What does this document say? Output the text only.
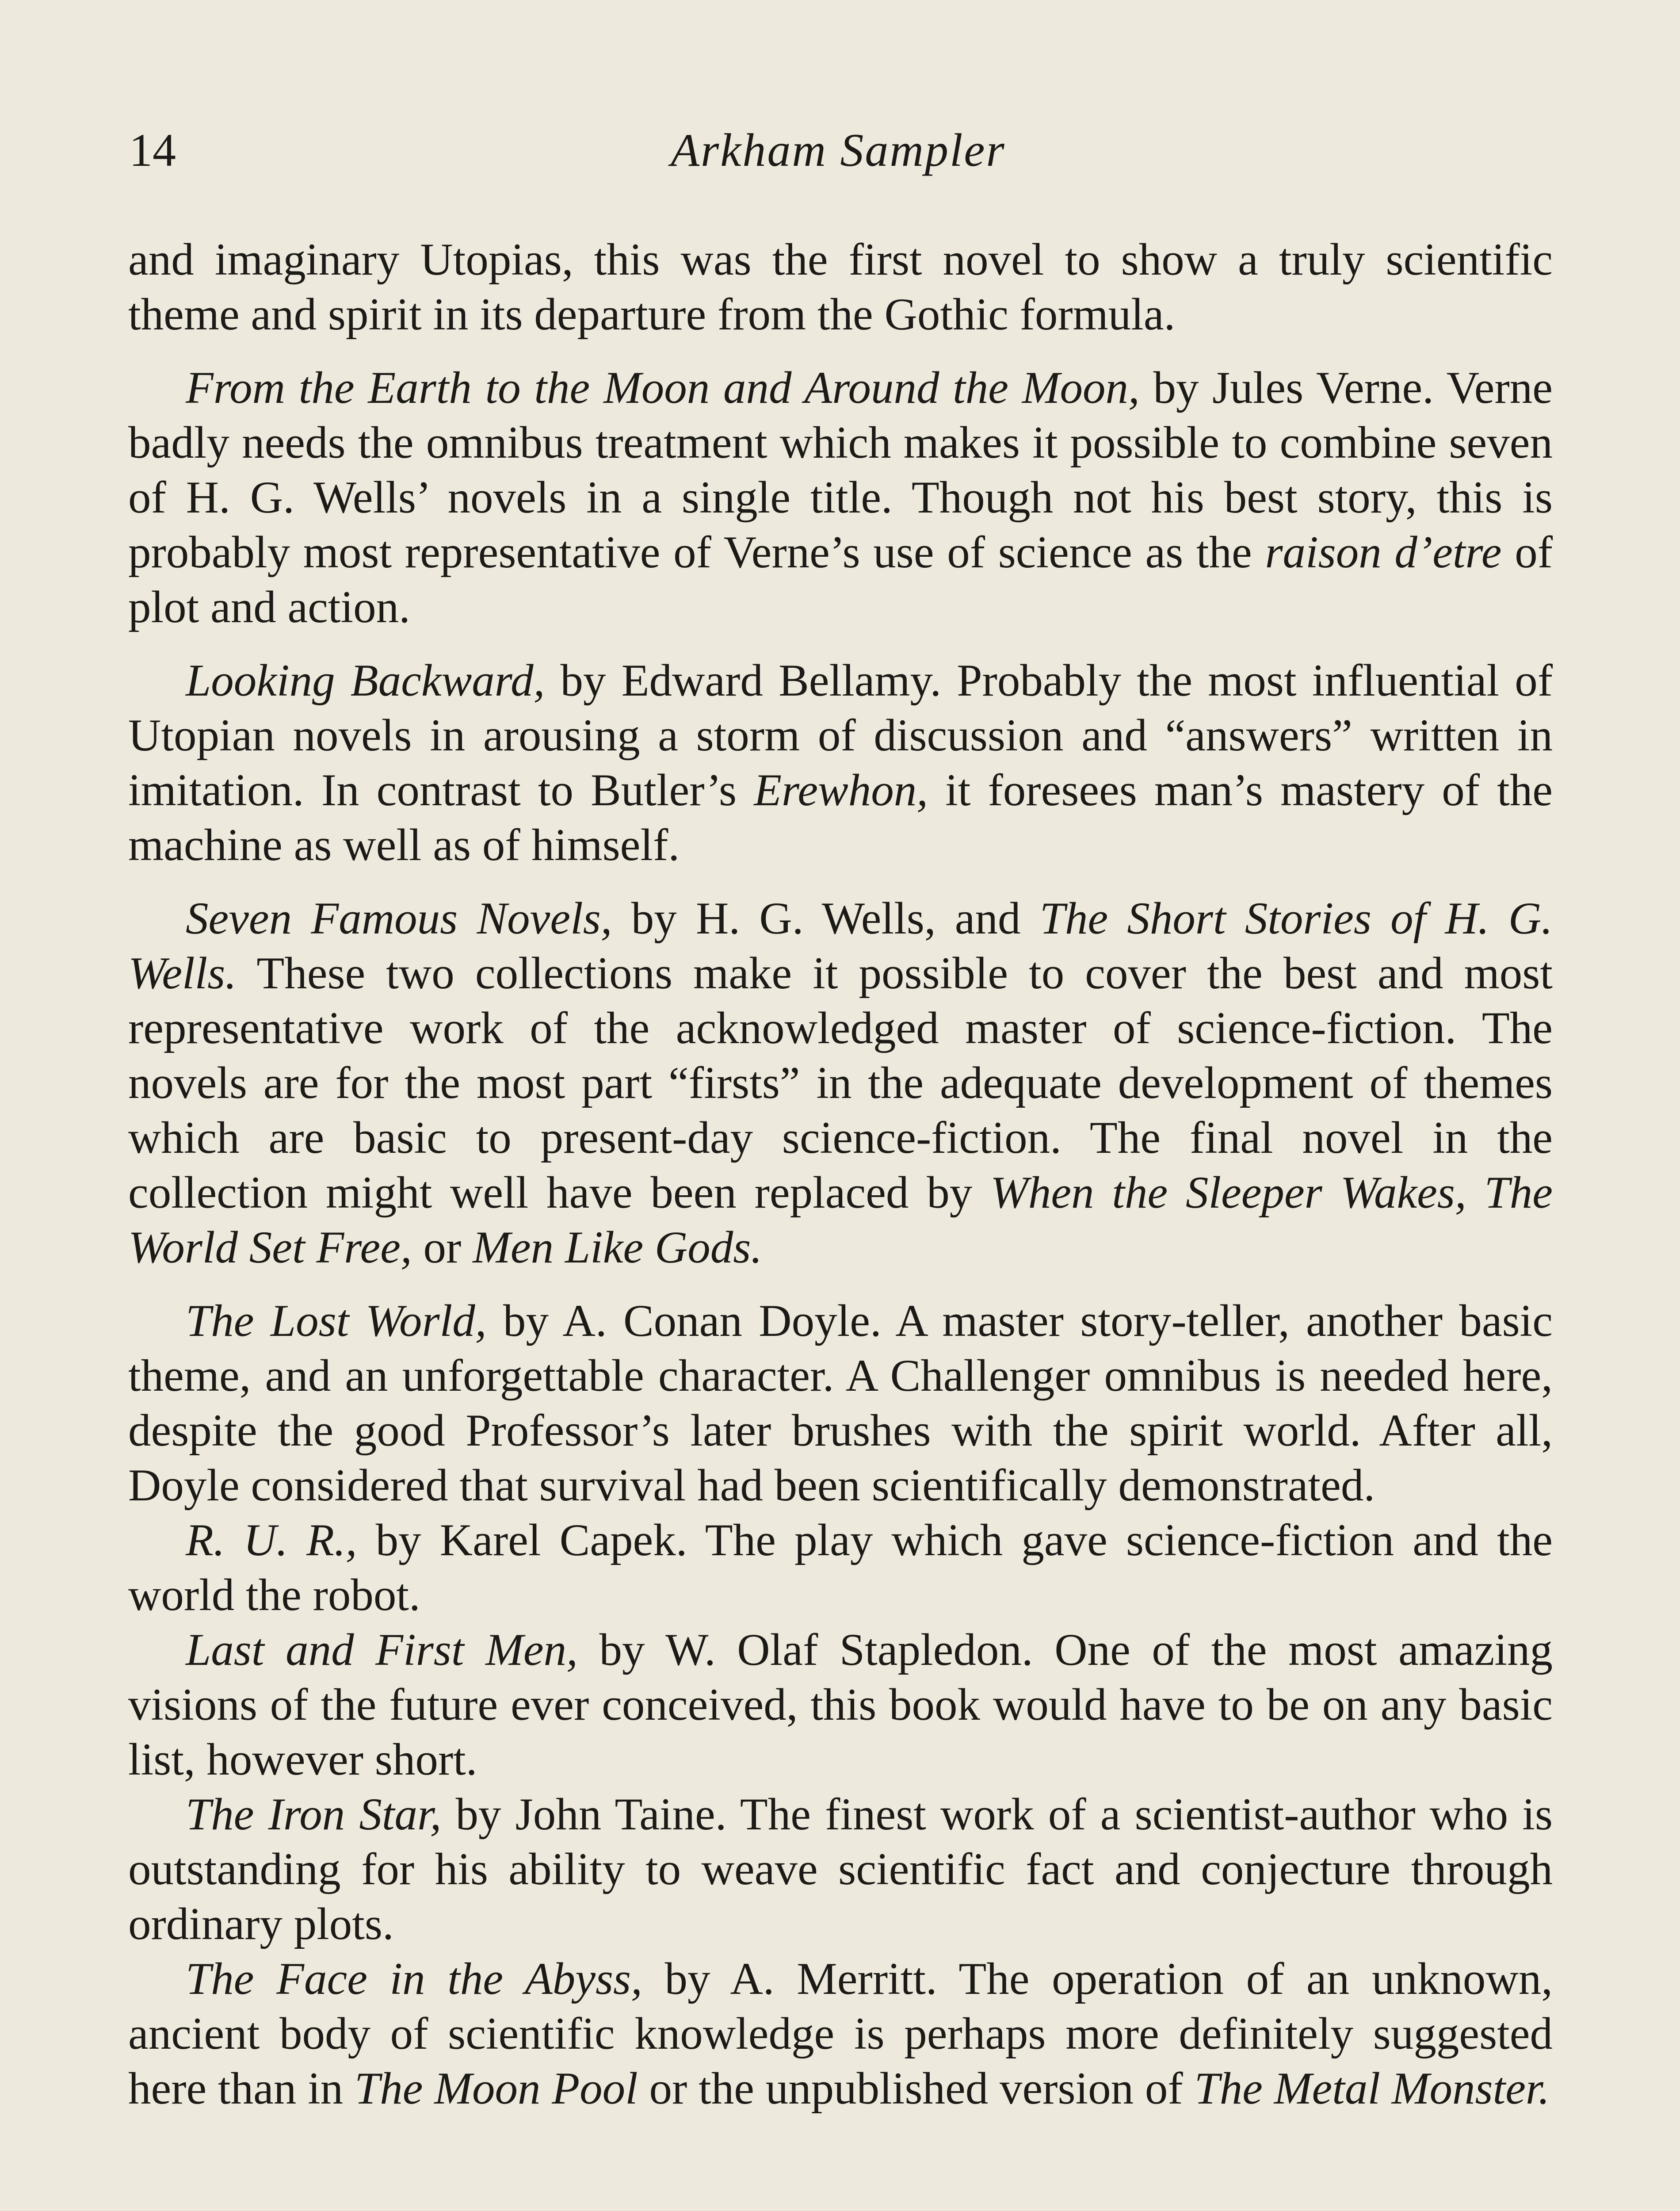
14	Arkham Sampler

and imaginary Utopias, this was the first novel to show a truly scientific theme and spirit in its departure from the Gothic formula.

From the Earth to the Moon and Around the Moon, by Jules Verne. Verne badly needs the omnibus treatment which makes it possible to combine seven of H. G. Wells’ novels in a single title. Though not his best story, this is probably most representative of Verne’s use of science as the raison d’etre of plot and action.

Looking Backward, by Edward Bellamy. Probably the most influential of Utopian novels in arousing a storm of discussion and “answers” written in imitation. In contrast to Butler’s Erewhon, it foresees man’s mastery of the machine as well as of himself.

Seven Famous Novels, by H. G. Wells, and The Short Stories of H. G. Wells. These two collections make it possible to cover the best and most representative work of the acknowledged master of science-fiction. The novels are for the most part “firsts” in the adequate development of themes which are basic to present-day science-fiction. The final novel in the collection might well have been replaced by When the Sleeper Wakes, The World Set Free, or Men Like Gods.

The Lost World, by A. Conan Doyle. A master story-teller, another basic theme, and an unforgettable character. A Challenger omnibus is needed here, despite the good Professor’s later brushes with the spirit world. After all, Doyle considered that survival had been scientifically demonstrated.

R. U. R., by Karel Capek. The play which gave science-fiction and the world the robot.

Last and First Men, by W. Olaf Stapledon. One of the most amazing visions of the future ever conceived, this book would have to be on any basic list, however short.

The Iron Star, by John Taine. The finest work of a scientist-author who is outstanding for his ability to weave scientific fact and conjecture through ordinary plots.

The Face in the Abyss, by A. Merritt. The operation of an unknown, ancient body of scientific knowledge is perhaps more definitely suggested here than in The Moon Pool or the unpublished version of The Metal Monster.
